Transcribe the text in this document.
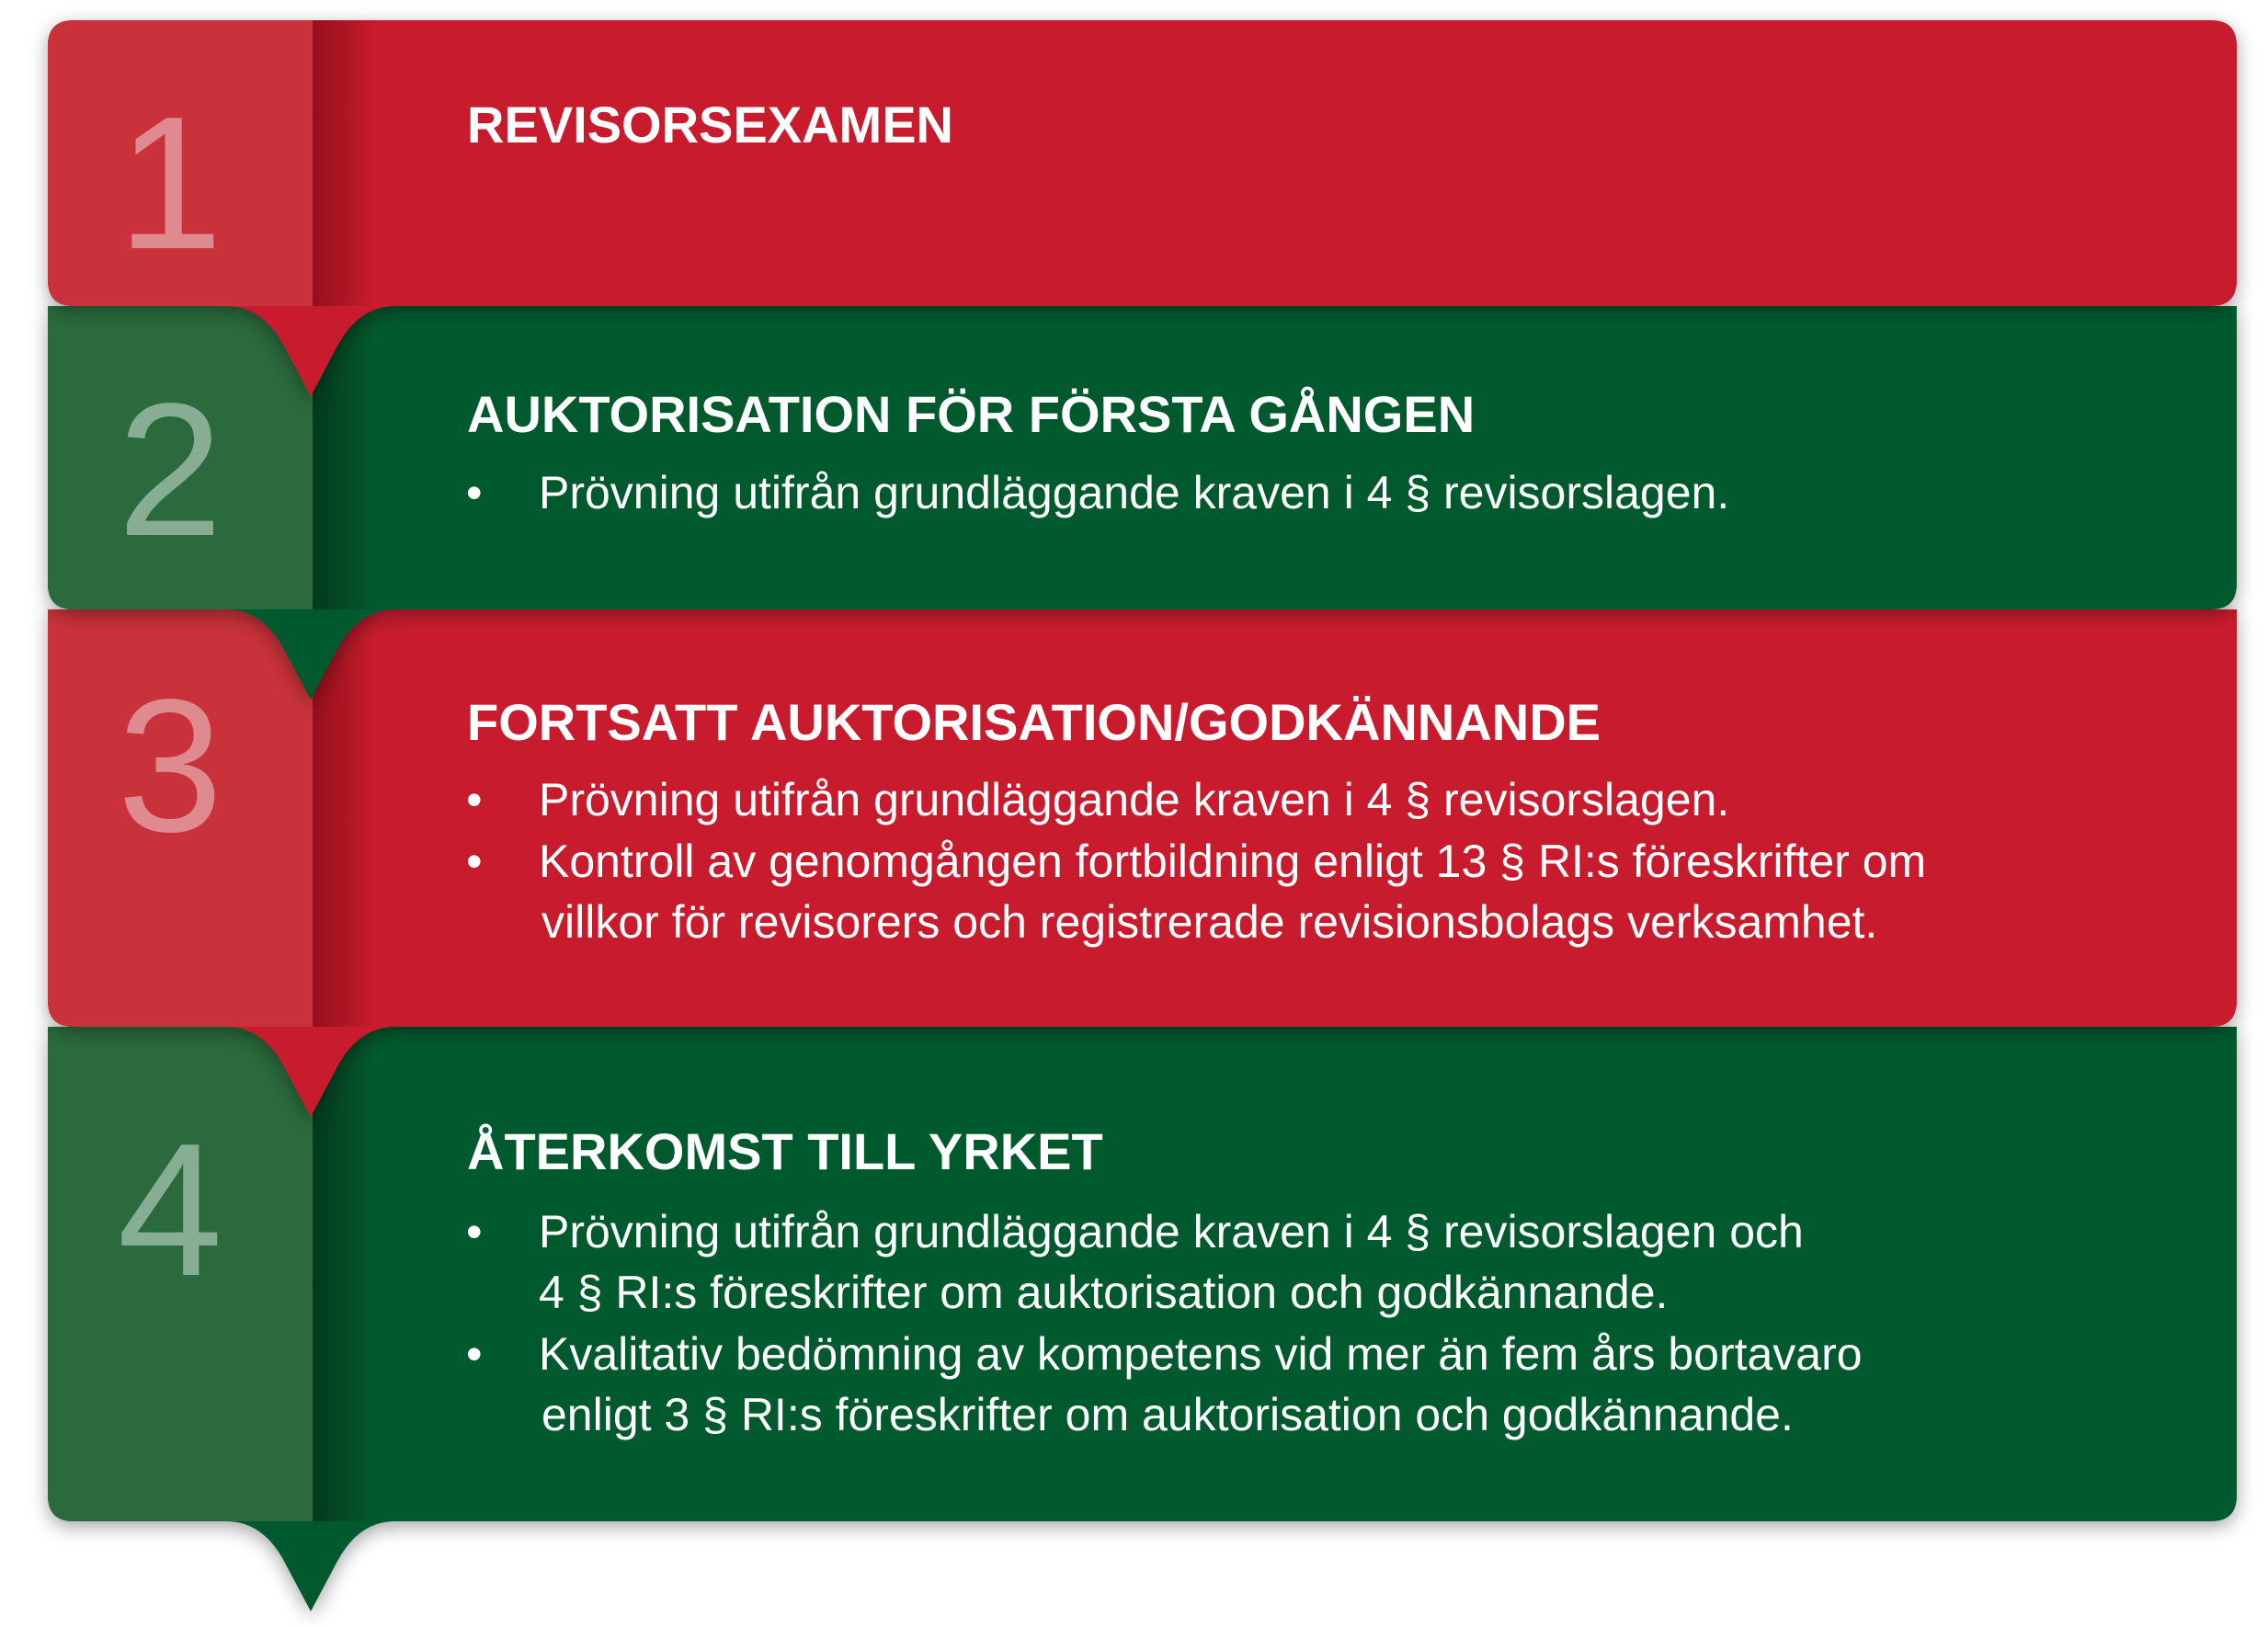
4	ÅTERKOMST TILL YRKET
• Prövning utifrån grundläggande kraven i 4 § revisorslagen och
4 § RI:s föreskrifter om auktorisation och godkännande.
• Kvalitativ bedömning av kompetens vid mer än fem års bortavaro
enligt 3 § RI:s föreskrifter om auktorisation och godkännande.
3	FORTSATT AUKTORISATION/GODKÄNNANDE
• Prövning utifrån grundläggande kraven i 4 § revisorslagen.
• Kontroll av genomgången fortbildning enligt 13 § RI:s föreskrifter om
villkor för revisorers och registrerade revisionsbolags verksamhet.
2	AUKTORISATION FÖR FÖRSTA GÅNGEN
• Prövning utifrån grundläggande kraven i 4 § revisorslagen.
1	REVISORSEXAMEN
